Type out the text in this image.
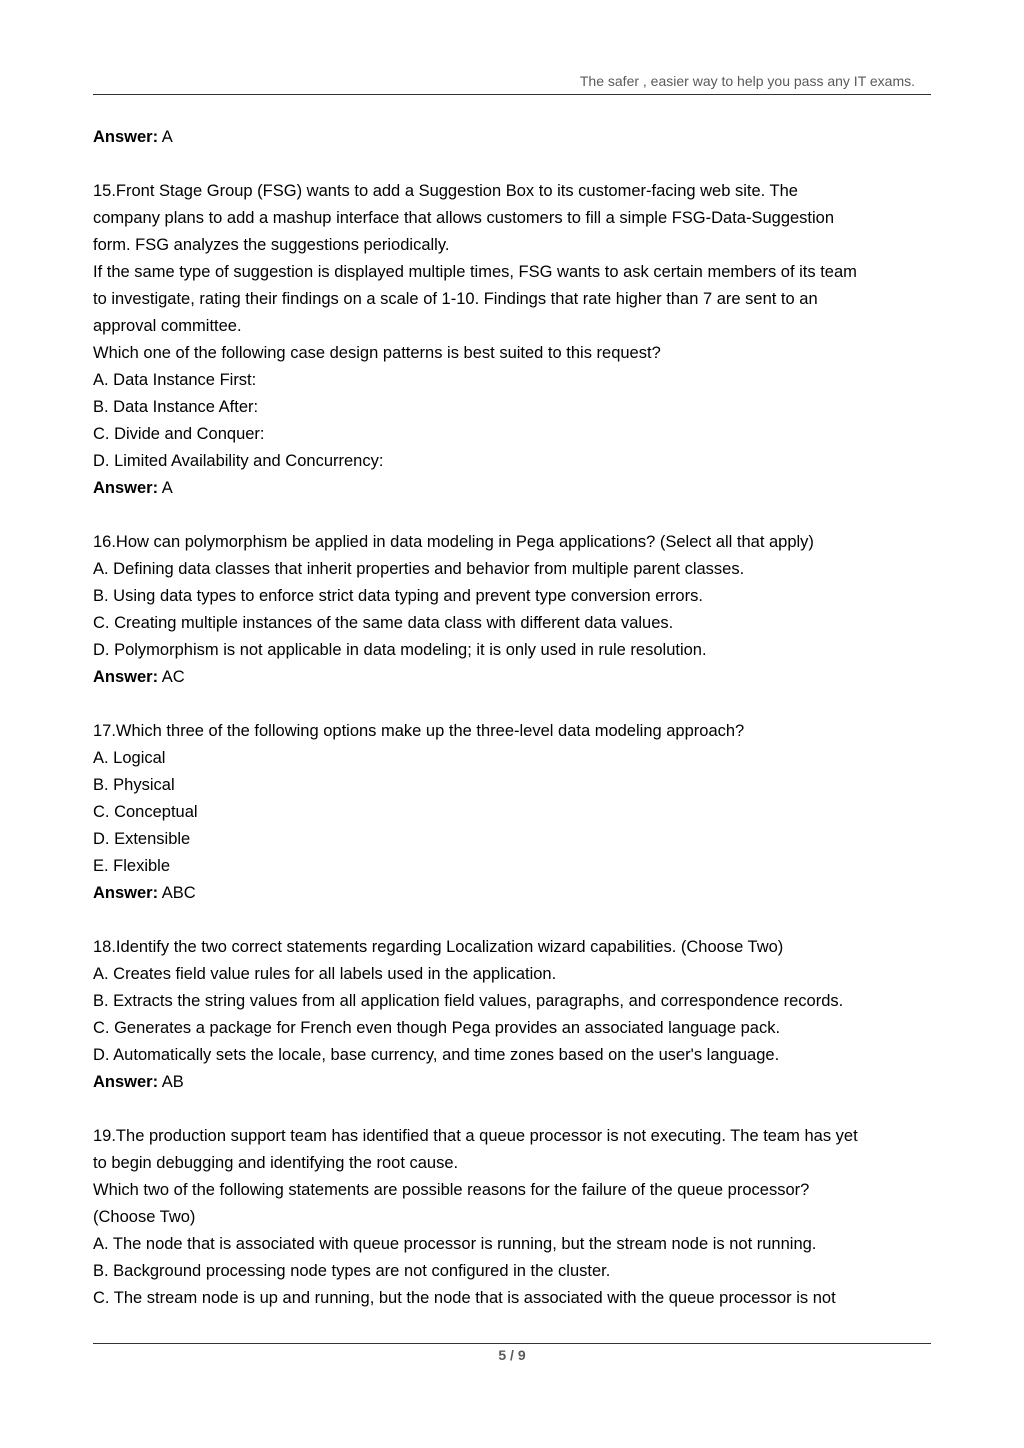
The safer , easier way to help you pass any IT exams.
Answer: A
15.Front Stage Group (FSG) wants to add a Suggestion Box to its customer-facing web site. The
company plans to add a mashup interface that allows customers to fill a simple FSG-Data-Suggestion
form. FSG analyzes the suggestions periodically.
If the same type of suggestion is displayed multiple times, FSG wants to ask certain members of its team
to investigate, rating their findings on a scale of 1-10. Findings that rate higher than 7 are sent to an
approval committee.
Which one of the following case design patterns is best suited to this request?
A. Data Instance First:
B. Data Instance After:
C. Divide and Conquer:
D. Limited Availability and Concurrency:
Answer: A
16.How can polymorphism be applied in data modeling in Pega applications? (Select all that apply)
A. Defining data classes that inherit properties and behavior from multiple parent classes.
B. Using data types to enforce strict data typing and prevent type conversion errors.
C. Creating multiple instances of the same data class with different data values.
D. Polymorphism is not applicable in data modeling; it is only used in rule resolution.
Answer: AC
17.Which three of the following options make up the three-level data modeling approach?
A. Logical
B. Physical
C. Conceptual
D. Extensible
E. Flexible
Answer: ABC
18.Identify the two correct statements regarding Localization wizard capabilities. (Choose Two)
A. Creates field value rules for all labels used in the application.
B. Extracts the string values from all application field values, paragraphs, and correspondence records.
C. Generates a package for French even though Pega provides an associated language pack.
D. Automatically sets the locale, base currency, and time zones based on the user's language.
Answer: AB
19.The production support team has identified that a queue processor is not executing. The team has yet
to begin debugging and identifying the root cause.
Which two of the following statements are possible reasons for the failure of the queue processor?
(Choose Two)
A. The node that is associated with queue processor is running, but the stream node is not running.
B. Background processing node types are not configured in the cluster.
C. The stream node is up and running, but the node that is associated with the queue processor is not
5 / 9
